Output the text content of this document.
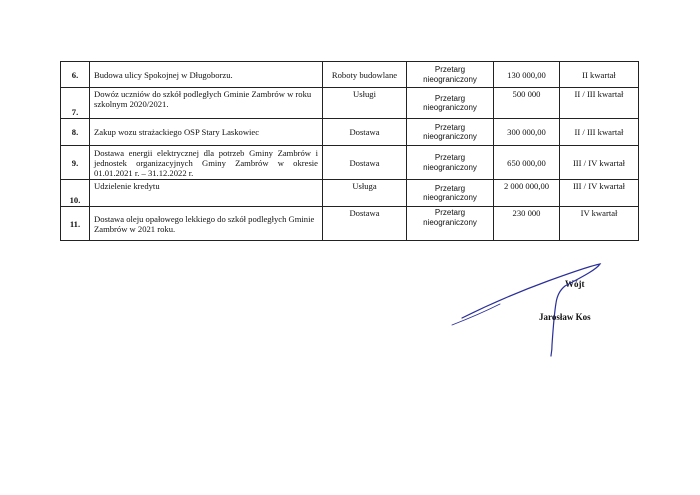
6.	Budowa ulicy Spokojnej w Długoborzu.	Roboty budowlane	Przetarg nieograniczony	130 000,00	II kwartał
7.	Dowóz uczniów do szkół podległych Gminie Zambrów w roku szkolnym 2020/2021.	Usługi	Przetarg nieograniczony	500 000	II / III kwartał
8.	Zakup wozu strażackiego OSP Stary Laskowiec	Dostawa	Przetarg nieograniczony	300 000,00	II / III kwartał
9.	Dostawa energii elektrycznej dla potrzeb Gminy Zambrów i jednostek organizacyjnych Gminy Zambrów w okresie 01.01.2021 r. – 31.12.2022 r.	Dostawa	Przetarg nieograniczony	650 000,00	III / IV kwartał
10.	Udzielenie kredytu	Usługa	Przetarg nieograniczony	2 000 000,00	III / IV kwartał
11.	Dostawa oleju opałowego lekkiego do szkół podległych Gminie Zambrów w 2021 roku.	Dostawa	Przetarg nieograniczony	230 000	IV kwartał
Wójt
Jarosław Kos
